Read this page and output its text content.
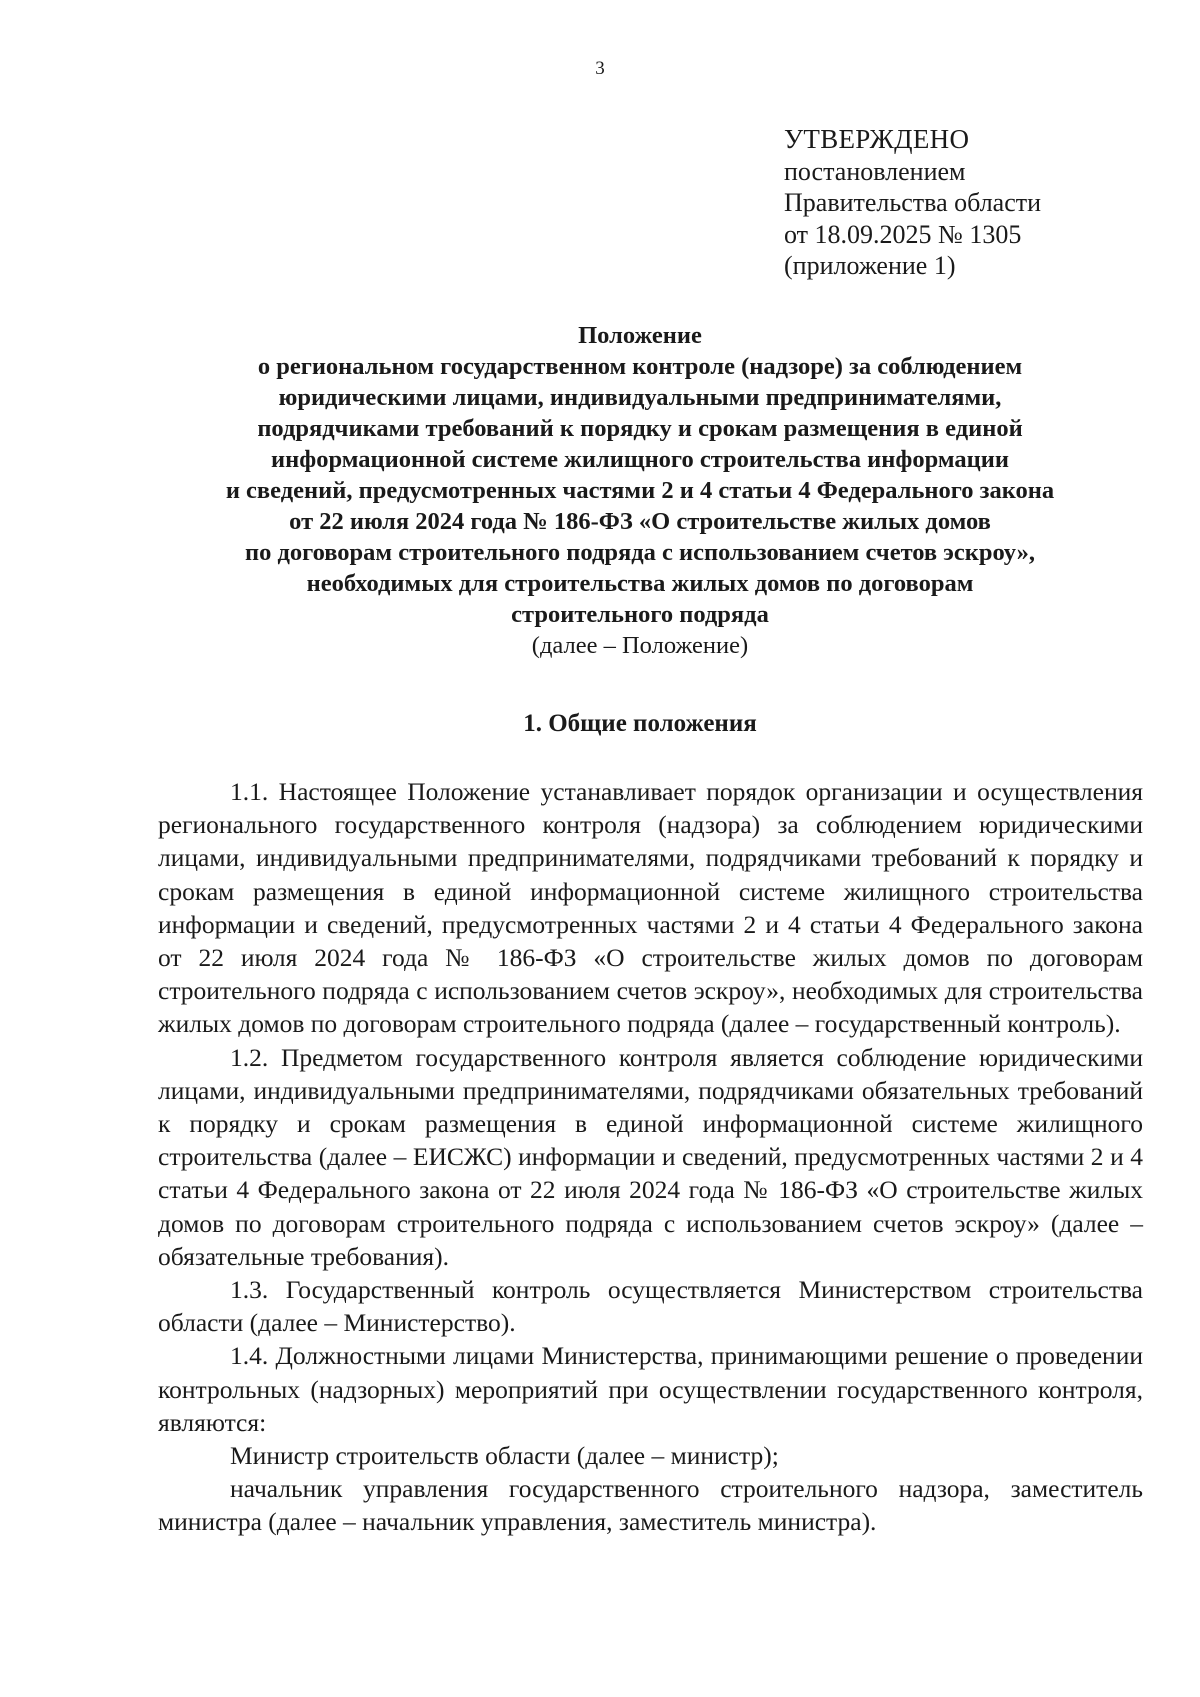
3
УТВЕРЖДЕНО
постановлением
Правительства области
от 18.09.2025 № 1305
(приложение 1)
Положение
о региональном государственном контроле (надзоре) за соблюдением
юридическими лицами, индивидуальными предпринимателями,
подрядчиками требований к порядку и срокам размещения в единой
информационной системе жилищного строительства информации
и сведений, предусмотренных частями 2 и 4 статьи 4 Федерального закона
от 22 июля 2024 года № 186-ФЗ «О строительстве жилых домов
по договорам строительного подряда с использованием счетов эскроу»,
необходимых для строительства жилых домов по договорам
строительного подряда
(далее – Положение)
1. Общие положения

1.1. Настоящее Положение устанавливает порядок организации и осуществления регионального государственного контроля (надзора) за соблюдением юридическими лицами, индивидуальными предпринимателями, подрядчиками требований к порядку и срокам размещения в единой информационной системе жилищного строительства информации и сведений, предусмотренных частями 2 и 4 статьи 4 Федерального закона от 22 июля 2024 года № 186-ФЗ «О строительстве жилых домов по договорам строительного подряда с использованием счетов эскроу», необходимых для строительства жилых домов по договорам строительного подряда (далее – государственный контроль).

1.2. Предметом государственного контроля является соблюдение юридическими лицами, индивидуальными предпринимателями, подрядчиками обязательных требований к порядку и срокам размещения в единой информационной системе жилищного строительства (далее – ЕИСЖС) информации и сведений, предусмотренных частями 2 и 4 статьи 4 Федерального закона от 22 июля 2024 года № 186-ФЗ «О строительстве жилых домов по договорам строительного подряда с использованием счетов эскроу» (далее – обязательные требования).

1.3. Государственный контроль осуществляется Министерством строительства области (далее – Министерство).

1.4. Должностными лицами Министерства, принимающими решение о проведении контрольных (надзорных) мероприятий при осуществлении государственного контроля, являются:

Министр строительств области (далее – министр);

начальник управления государственного строительного надзора, заместитель министра (далее – начальник управления, заместитель министра).
